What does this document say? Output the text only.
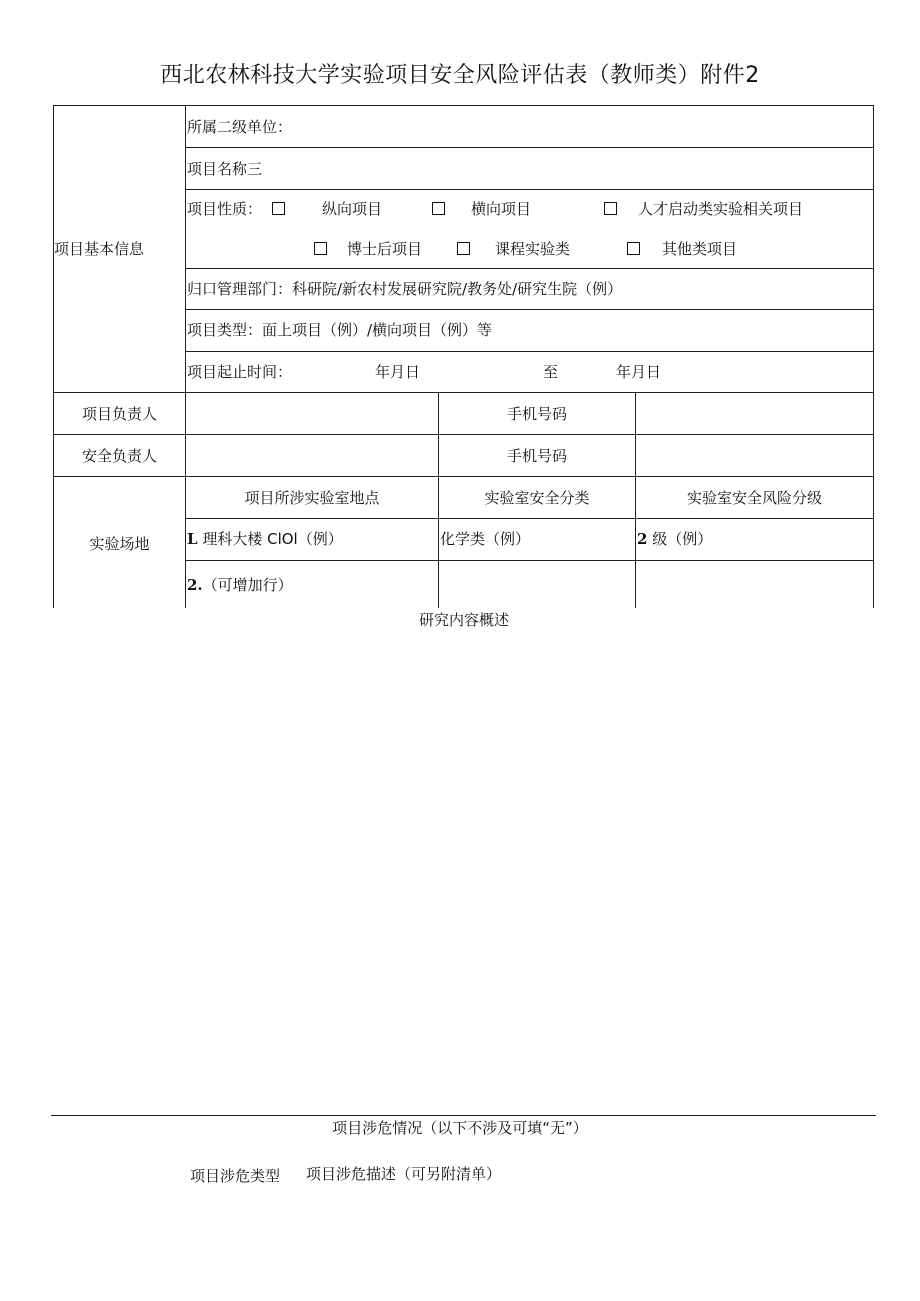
西北农林科技大学实验项目安全风险评估表（教师类）附件2
项目基本信息
所属二级单位：
项目名称三
项目性质：	纵向项目	横向项目	人才启动类实验相关项目
博士后项目	课程实验类	其他类项目
归口管理部门：科研院/新农村发展研究院/教务处/研究生院（例）
项目类型：面上项目（例）/横向项目（例）等
项目起止时间：	年月日	至	年月日
项目负责人	手机号码
安全负责人	手机号码
实验场地
项目所涉实验室地点	实验室安全分类	实验室安全风险分级
L 理科大楼 ClOl（例）	化学类（例）	2 级（例）
2.（可增加行）
研究内容概述
项目涉危情况（以下不涉及可填“无”）
项目涉危类型 项目涉危描述（可另附清单）
